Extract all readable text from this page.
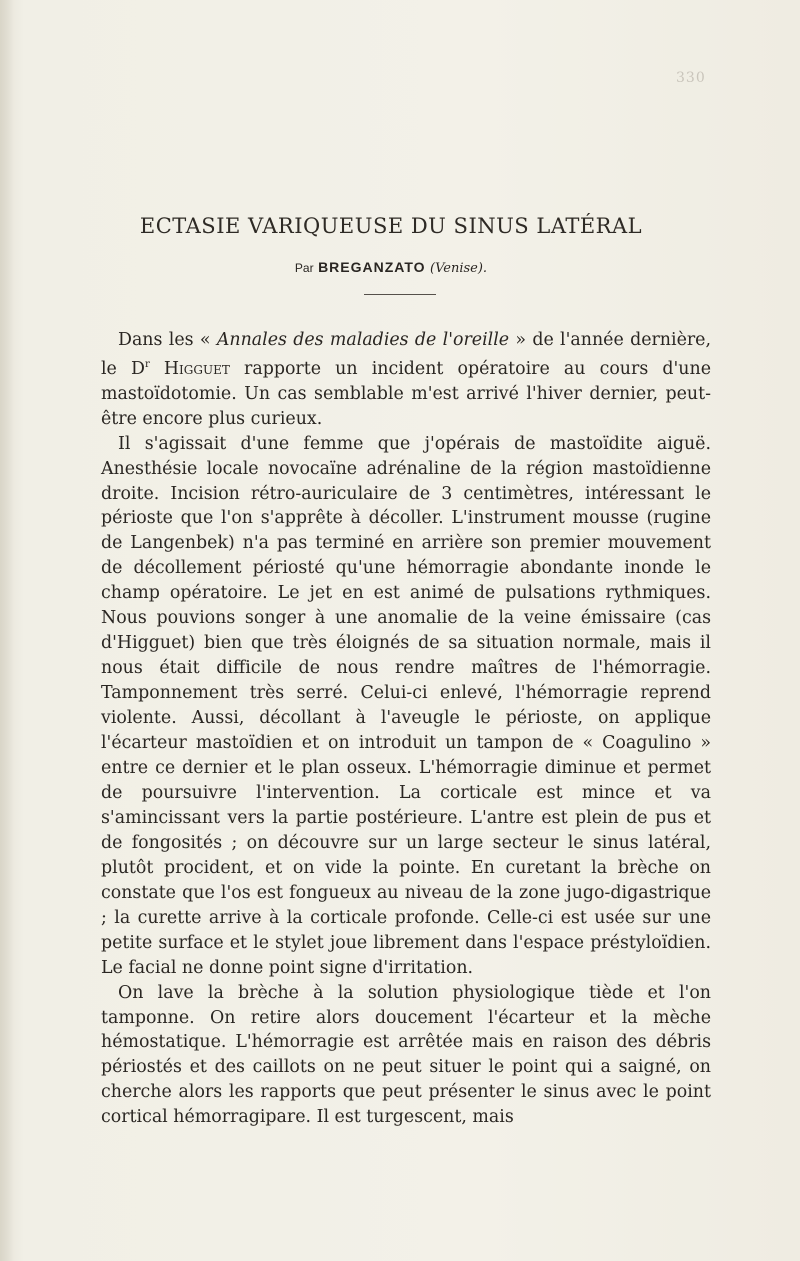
330
ECTASIE VARIQUEUSE DU SINUS LATÉRAL
Par BREGANZATO (Venise).

Dans les « Annales des maladies de l'oreille » de l'année dernière, le $D^r$ Higguet rapporte un incident opératoire au cours d'une mastoïdotomie. Un cas semblable m'est arrivé l'hiver dernier, peut-être encore plus curieux.

Il s'agissait d'une femme que j'opérais de mastoïdite aiguë. Anesthésie locale novocaïne adrénaline de la région mastoïdienne droite. Incision rétro-auriculaire de 3 centimètres, intéressant le périoste que l'on s'apprête à décoller. L'instrument mousse (rugine de Langenbek) n'a pas terminé en arrière son premier mouvement de décollement périosté qu'une hémorragie abondante inonde le champ opératoire. Le jet en est animé de pulsations rythmiques. Nous pouvions songer à une anomalie de la veine émissaire (cas d'Higguet) bien que très éloignés de sa situation normale, mais il nous était difficile de nous rendre maîtres de l'hémorragie. Tamponnement très serré. Celui-ci enlevé, l'hémorragie reprend violente. Aussi, décollant à l'aveugle le périoste, on applique l'écarteur mastoïdien et on introduit un tampon de « Coagulino » entre ce dernier et le plan osseux. L'hémorragie diminue et permet de poursuivre l'intervention. La corticale est mince et va s'amincissant vers la partie postérieure. L'antre est plein de pus et de fongosités ; on découvre sur un large secteur le sinus latéral, plutôt procident, et on vide la pointe. En curetant la brèche on constate que l'os est fongueux au niveau de la zone jugo-digastrique ; la curette arrive à la corticale profonde. Celle-ci est usée sur une petite surface et le stylet joue librement dans l'espace préstyloïdien. Le facial ne donne point signe d'irritation.

On lave la brèche à la solution physiologique tiède et l'on tamponne. On retire alors doucement l'écarteur et la mèche hémostatique. L'hémorragie est arrêtée mais en raison des débris périostés et des caillots on ne peut situer le point qui a saigné, on cherche alors les rapports que peut présenter le sinus avec le point cortical hémorragipare. Il est turgescent, mais
